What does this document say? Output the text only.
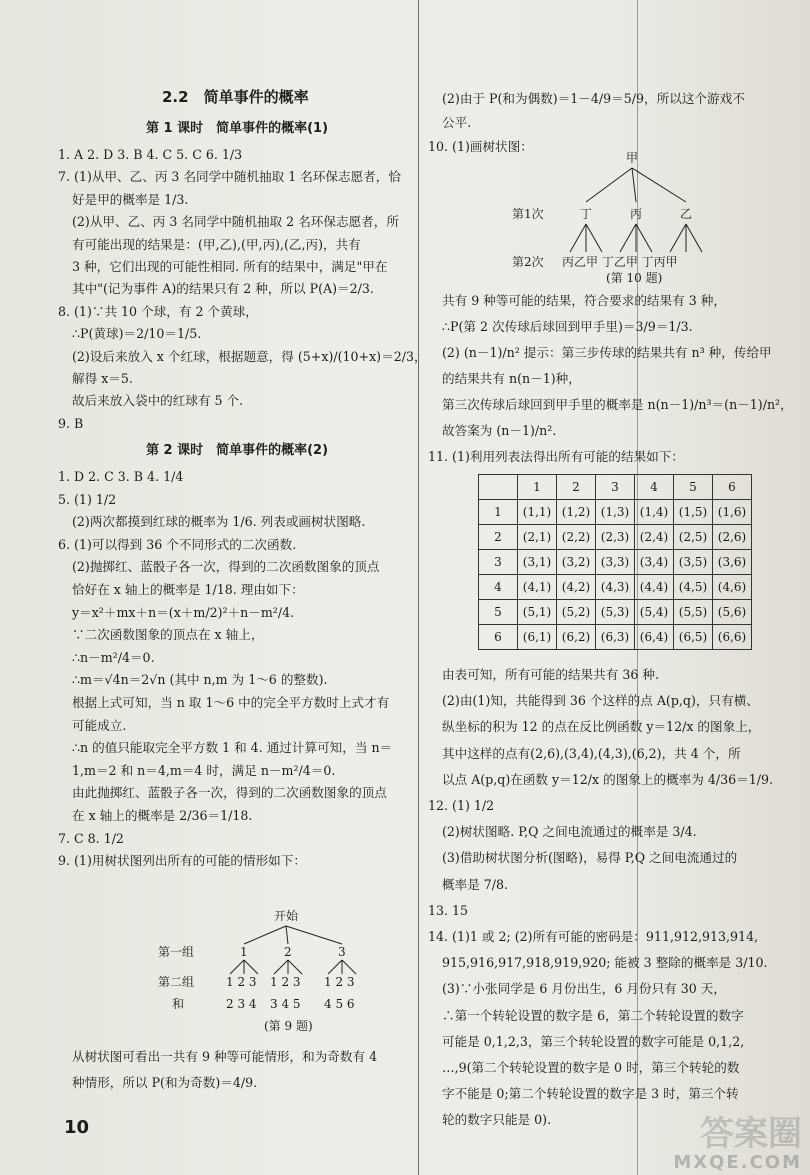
2.2　简单事件的概率
第 1 课时　简单事件的概率(1)
1. A 2. D 3. B 4. C 5. C 6. 1/3
7. (1)从甲、乙、丙 3 名同学中随机抽取 1 名环保志愿者，恰
好是甲的概率是 1/3.
(2)从甲、乙、丙 3 名同学中随机抽取 2 名环保志愿者，所
有可能出现的结果是：(甲,乙),(甲,丙),(乙,丙)，共有
3 种，它们出现的可能性相同. 所有的结果中，满足"甲在
其中"(记为事件 A)的结果只有 2 种，所以 P(A)＝2/3.
8. (1)∵共 10 个球，有 2 个黄球，
∴P(黄球)＝2/10＝1/5.
(2)设后来放入 x 个红球，根据题意，得 (5+x)/(10+x)＝2/3，
解得 x＝5.
故后来放入袋中的红球有 5 个.
9. B
第 2 课时　简单事件的概率(2)
1. D 2. C 3. B 4. 1/4
5. (1) 1/2
(2)两次都摸到红球的概率为 1/6. 列表或画树状图略.
6. (1)可以得到 36 个不同形式的二次函数.
(2)抛掷红、蓝骰子各一次，得到的二次函数图象的顶点
恰好在 x 轴上的概率是 1/18. 理由如下：
y＝x²＋mx＋n＝(x＋m/2)²＋n－m²/4.
∵二次函数图象的顶点在 x 轴上，
∴n－m²/4＝0.
∴m＝√4n＝2√n (其中 n,m 为 1～6 的整数).
根据上式可知，当 n 取 1～6 中的完全平方数时上式才有
可能成立.
∴n 的值只能取完全平方数 1 和 4. 通过计算可知，当 n＝
1,m＝2 和 n＝4,m＝4 时，满足 n－m²/4＝0.
由此抛掷红、蓝骰子各一次，得到的二次函数图象的顶点
在 x 轴上的概率是 2/36＝1/18.
7. C 8. 1/2
9. (1)用树状图列出所有的可能的情形如下：
开始
第一组	1	2	3
第二组	1 2 3 1 2 3 1 2 3
和	2 3 4 3 4 5 4 5 6
(第 9 题)
从树状图可看出一共有 9 种等可能情形，和为奇数有 4
种情形，所以 P(和为奇数)＝4/9.
(2)由于 P(和为偶数)＝1－4/9＝5/9，所以这个游戏不
公平.
10. (1)画树状图：
甲
第1次	丁	丙	乙
第2次 丙乙甲 丁乙甲 丁丙甲
(第 10 题)
共有 9 种等可能的结果，符合要求的结果有 3 种，
∴P(第 2 次传球后球回到甲手里)＝3/9＝1/3.
(2) (n－1)/n² 提示：第三步传球的结果共有 n³ 种，传给甲
的结果共有 n(n－1)种，
第三次传球后球回到甲手里的概率是 n(n－1)/n³＝(n－1)/n²，
故答案为 (n－1)/n².
11. (1)利用列表法得出所有可能的结果如下：
由表可知，所有可能的结果共有 36 种.
(2)由(1)知，共能得到 36 个这样的点 A(p,q)，只有横、
纵坐标的积为 12 的点在反比例函数 y＝12/x 的图象上，
其中这样的点有(2,6),(3,4),(4,3),(6,2)，共 4 个，所
以点 A(p,q)在函数 y＝12/x 的图象上的概率为 4/36＝1/9.
12. (1) 1/2
(2)树状图略. P,Q 之间电流通过的概率是 3/4.
(3)借助树状图分析(图略)，易得 P,Q 之间电流通过的
概率是 7/8.
13. 15
14. (1)1 或 2; (2)所有可能的密码是：911,912,913,914,
915,916,917,918,919,920; 能被 3 整除的概率是 3/10.
(3)∵小张同学是 6 月份出生，6 月份只有 30 天，
∴第一个转轮设置的数字是 6，第二个转轮设置的数字
可能是 0,1,2,3，第三个转轮设置的数字可能是 0,1,2,
…,9(第二个转轮设置的数字是 0 时，第三个转轮的数
字不能是 0;第二个转轮设置的数字是 3 时，第三个转
轮的数字只能是 0).
	1	2	3	4	5	6
1	(1,1)	(1,2)	(1,3)	(1,4)	(1,5)	(1,6)
2	(2,1)	(2,2)	(2,3)	(2,4)	(2,5)	(2,6)
3	(3,1)	(3,2)	(3,3)	(3,4)	(3,5)	(3,6)
4	(4,1)	(4,2)	(4,3)	(4,4)	(4,5)	(4,6)
5	(5,1)	(5,2)	(5,3)	(5,4)	(5,5)	(5,6)
6	(6,1)	(6,2)	(6,3)	(6,4)	(6,5)	(6,6)
10	答案圈
MXQE.COM
